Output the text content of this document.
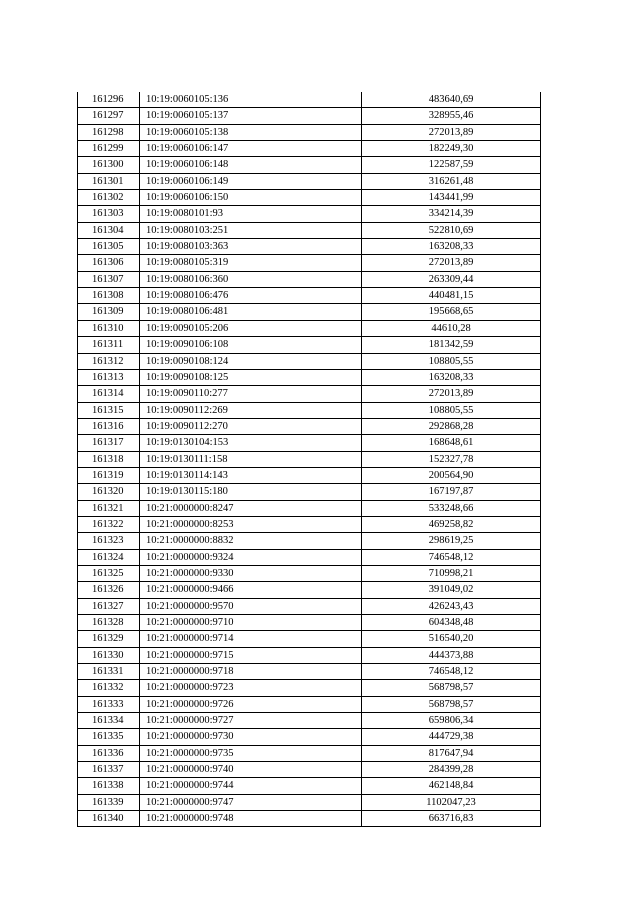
161296	10:19:0060105:136	483640,69
161297	10:19:0060105:137	328955,46
161298	10:19:0060105:138	272013,89
161299	10:19:0060106:147	182249,30
161300	10:19:0060106:148	122587,59
161301	10:19:0060106:149	316261,48
161302	10:19:0060106:150	143441,99
161303	10:19:0080101:93	334214,39
161304	10:19:0080103:251	522810,69
161305	10:19:0080103:363	163208,33
161306	10:19:0080105:319	272013,89
161307	10:19:0080106:360	263309,44
161308	10:19:0080106:476	440481,15
161309	10:19:0080106:481	195668,65
161310	10:19:0090105:206	44610,28
161311	10:19:0090106:108	181342,59
161312	10:19:0090108:124	108805,55
161313	10:19:0090108:125	163208,33
161314	10:19:0090110:277	272013,89
161315	10:19:0090112:269	108805,55
161316	10:19:0090112:270	292868,28
161317	10:19:0130104:153	168648,61
161318	10:19:0130111:158	152327,78
161319	10:19:0130114:143	200564,90
161320	10:19:0130115:180	167197,87
161321	10:21:0000000:8247	533248,66
161322	10:21:0000000:8253	469258,82
161323	10:21:0000000:8832	298619,25
161324	10:21:0000000:9324	746548,12
161325	10:21:0000000:9330	710998,21
161326	10:21:0000000:9466	391049,02
161327	10:21:0000000:9570	426243,43
161328	10:21:0000000:9710	604348,48
161329	10:21:0000000:9714	516540,20
161330	10:21:0000000:9715	444373,88
161331	10:21:0000000:9718	746548,12
161332	10:21:0000000:9723	568798,57
161333	10:21:0000000:9726	568798,57
161334	10:21:0000000:9727	659806,34
161335	10:21:0000000:9730	444729,38
161336	10:21:0000000:9735	817647,94
161337	10:21:0000000:9740	284399,28
161338	10:21:0000000:9744	462148,84
161339	10:21:0000000:9747	1102047,23
161340	10:21:0000000:9748	663716,83
